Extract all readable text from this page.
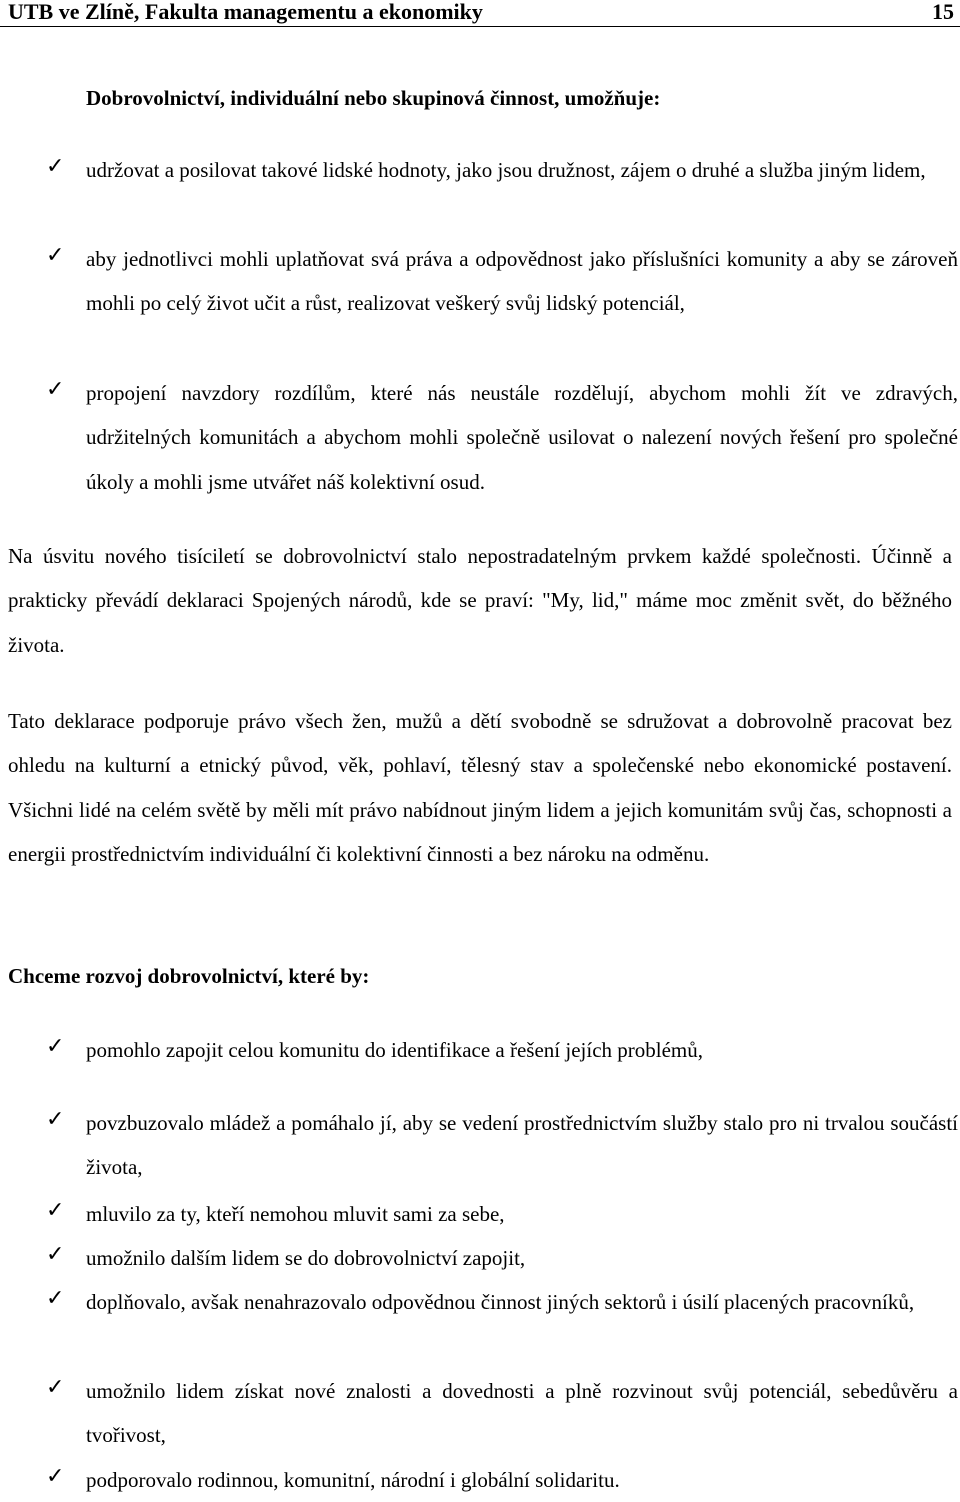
UTB ve Zlíně, Fakulta managementu a ekonomiky	15
Dobrovolnictví, individuální nebo skupinová činnost, umožňuje:
✓ udržovat a posilovat takové lidské hodnoty, jako jsou družnost, zájem o druhé a služba jiným lidem,
✓ aby jednotlivci mohli uplatňovat svá práva a odpovědnost jako příslušníci komunity a aby se zároveň mohli po celý život učit a růst, realizovat veškerý svůj lidský potenciál,
✓ propojení navzdory rozdílům, které nás neustále rozdělují, abychom mohli žít ve zdravých, udržitelných komunitách a abychom mohli společně usilovat o nalezení nových řešení pro společné úkoly a mohli jsme utvářet náš kolektivní osud.
Na úsvitu nového tisíciletí se dobrovolnictví stalo nepostradatelným prvkem každé společnosti. Účinně a prakticky převádí deklaraci Spojených národů, kde se praví: "My, lid," máme moc změnit svět, do běžného života.
Tato deklarace podporuje právo všech žen, mužů a dětí svobodně se sdružovat a dobrovolně pracovat bez ohledu na kulturní a etnický původ, věk, pohlaví, tělesný stav a společenské nebo ekonomické postavení. Všichni lidé na celém světě by měli mít právo nabídnout jiným lidem a jejich komunitám svůj čas, schopnosti a energii prostřednictvím individuální či kolektivní činnosti a bez nároku na odměnu.
Chceme rozvoj dobrovolnictví, které by:
✓ pomohlo zapojit celou komunitu do identifikace a řešení jejích problémů,
✓ povzbuzovalo mládež a pomáhalo jí, aby se vedení prostřednictvím služby stalo pro ni trvalou součástí života,
✓ mluvilo za ty, kteří nemohou mluvit sami za sebe,
✓ umožnilo dalším lidem se do dobrovolnictví zapojit,
✓ doplňovalo, avšak nenahrazovalo odpovědnou činnost jiných sektorů i úsilí placených pracovníků,
✓ umožnilo lidem získat nové znalosti a dovednosti a plně rozvinout svůj potenciál, sebedůvěru a tvořivost,
✓ podporovalo rodinnou, komunitní, národní i globální solidaritu.
